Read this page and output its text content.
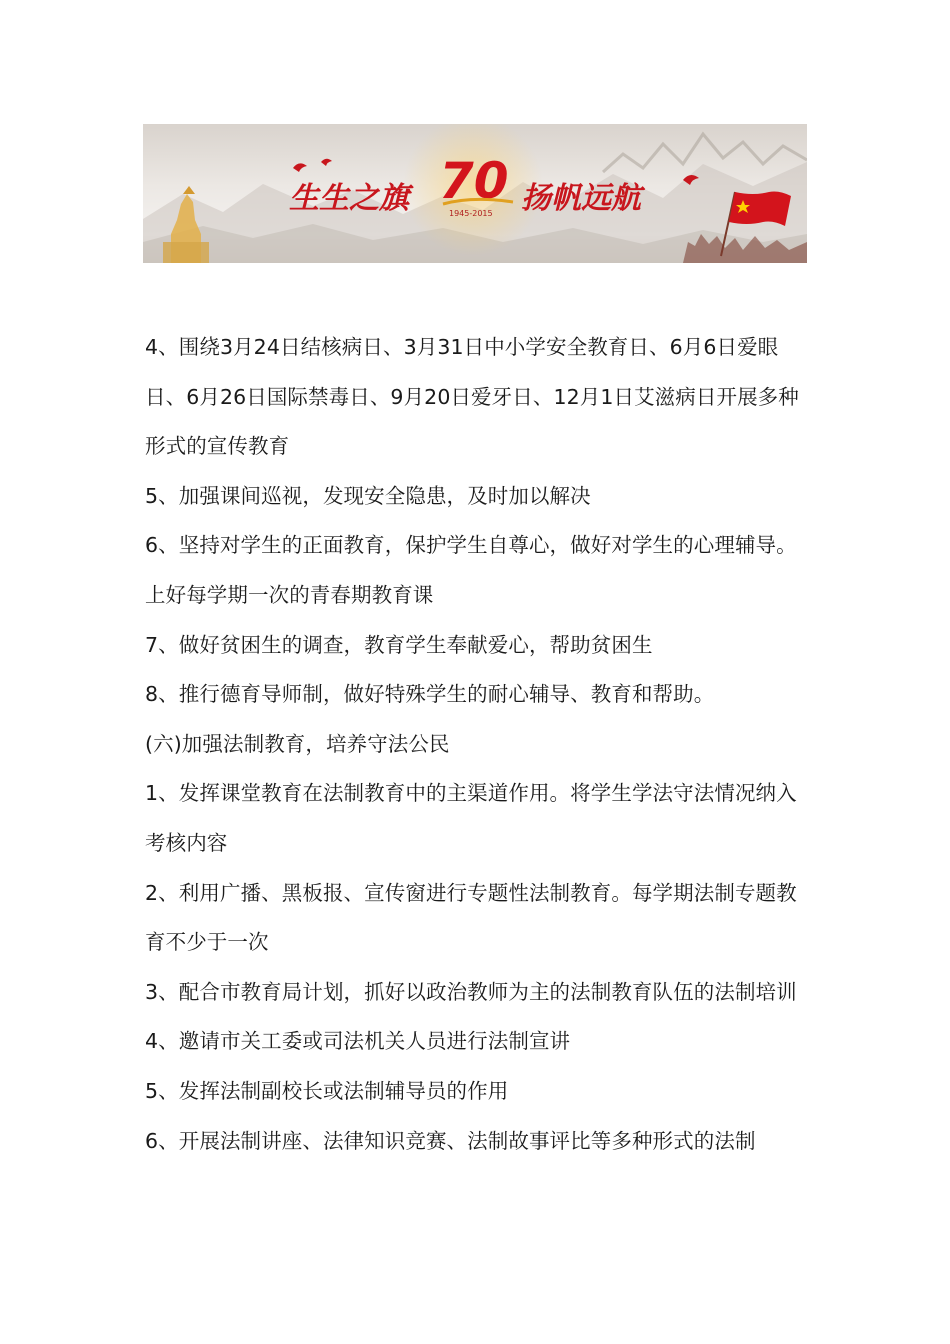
70
1945-2015
生生之旗	扬帆远航

4、围绕3月24日结核病日、3月31日中小学安全教育日、6月6日爱眼日、6月26日国际禁毒日、9月20日爱牙日、12月1日艾滋病日开展多种形式的宣传教育

5、加强课间巡视，发现安全隐患，及时加以解决

6、坚持对学生的正面教育，保护学生自尊心，做好对学生的心理辅导。上好每学期一次的青春期教育课

7、做好贫困生的调查，教育学生奉献爱心，帮助贫困生

8、推行德育导师制，做好特殊学生的耐心辅导、教育和帮助。

(六)加强法制教育，培养守法公民

1、发挥课堂教育在法制教育中的主渠道作用。将学生学法守法情况纳入考核内容

2、利用广播、黑板报、宣传窗进行专题性法制教育。每学期法制专题教育不少于一次

3、配合市教育局计划，抓好以政治教师为主的法制教育队伍的法制培训

4、邀请市关工委或司法机关人员进行法制宣讲

5、发挥法制副校长或法制辅导员的作用

6、开展法制讲座、法律知识竞赛、法制故事评比等多种形式的法制
